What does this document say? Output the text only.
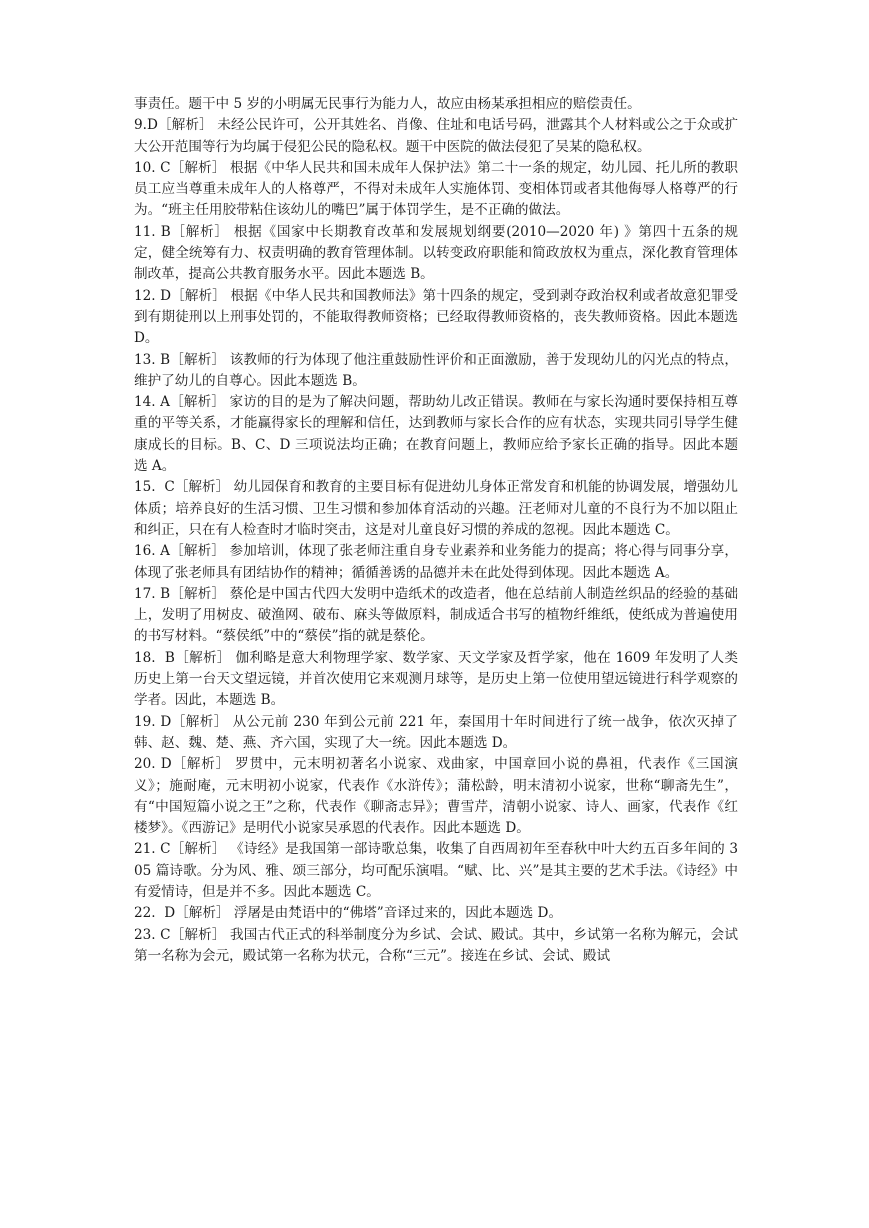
事责任。题干中 5 岁的小明属无民事行为能力人，故应由杨某承担相应的赔偿责任。

9.D［解析］ 未经公民许可，公开其姓名、肖像、住址和电话号码，泄露其个人材料或公之于众或扩大公开范围等行为均属于侵犯公民的隐私权。题干中医院的做法侵犯了吴某的隐私权。

10. C［解析］ 根据《中华人民共和国未成年人保护法》第二十一条的规定，幼儿园、托儿所的教职员工应当尊重未成年人的人格尊严，不得对未成年人实施体罚、变相体罚或者其他侮辱人格尊严的行为。“班主任用胶带粘住该幼儿的嘴巴”属于体罚学生，是不正确的做法。

11. B［解析］ 根据《国家中长期教育改革和发展规划纲要(2010—2020 年) 》第四十五条的规定，健全统筹有力、权责明确的教育管理体制。以转变政府职能和简政放权为重点，深化教育管理体制改革，提高公共教育服务水平。因此本题选 B。

12. D［解析］ 根据《中华人民共和国教师法》第十四条的规定，受到剥夺政治权利或者故意犯罪受到有期徒刑以上刑事处罚的，不能取得教师资格；已经取得教师资格的，丧失教师资格。因此本题选 D。

13. B［解析］ 该教师的行为体现了他注重鼓励性评价和正面激励，善于发现幼儿的闪光点的特点，维护了幼儿的自尊心。因此本题选 B。

14. A［解析］ 家访的目的是为了解决问题，帮助幼儿改正错误。教师在与家长沟通时要保持相互尊重的平等关系，才能赢得家长的理解和信任，达到教师与家长合作的应有状态，实现共同引导学生健康成长的目标。B、C、D 三项说法均正确；在教育问题上，教师应给予家长正确的指导。因此本题选 A。

15.  C［解析］ 幼儿园保育和教育的主要目标有促进幼儿身体正常发育和机能的协调发展，增强幼儿体质；培养良好的生活习惯、卫生习惯和参加体育活动的兴趣。汪老师对儿童的不良行为不加以阻止和纠正，只在有人检查时才临时突击，这是对儿童良好习惯的养成的忽视。因此本题选 C。

16. A［解析］ 参加培训，体现了张老师注重自身专业素养和业务能力的提高；将心得与同事分享，体现了张老师具有团结协作的精神；循循善诱的品德并未在此处得到体现。因此本题选 A。

17. B［解析］ 蔡伦是中国古代四大发明中造纸术的改造者，他在总结前人制造丝织品的经验的基础上，发明了用树皮、破渔网、破布、麻头等做原料，制成适合书写的植物纤维纸，使纸成为普遍使用的书写材料。“蔡侯纸”中的“蔡侯”指的就是蔡伦。

18.  B［解析］ 伽利略是意大利物理学家、数学家、天文学家及哲学家，他在 1609 年发明了人类历史上第一台天文望远镜，并首次使用它来观测月球等，是历史上第一位使用望远镜进行科学观察的学者。因此，本题选 B。

19. D［解析］ 从公元前 230 年到公元前 221 年，秦国用十年时间进行了统一战争，依次灭掉了韩、赵、魏、楚、燕、齐六国，实现了大一统。因此本题选 D。

20. D［解析］ 罗贯中，元末明初著名小说家、戏曲家，中国章回小说的鼻祖，代表作《三国演义》；施耐庵，元末明初小说家，代表作《水浒传》；蒲松龄，明末清初小说家，世称“聊斋先生”，有“中国短篇小说之王”之称，代表作《聊斋志异》；曹雪芹，清朝小说家、诗人、画家，代表作《红楼梦》。《西游记》是明代小说家吴承恩的代表作。因此本题选 D。

21. C［解析］ 《诗经》是我国第一部诗歌总集，收集了自西周初年至春秋中叶大约五百多年间的 305 篇诗歌。分为风、雅、颂三部分，均可配乐演唱。“赋、比、兴”是其主要的艺术手法。《诗经》中有爱情诗，但是并不多。因此本题选 C。

22.  D［解析］ 浮屠是由梵语中的“佛塔”音译过来的，因此本题选 D。

23. C［解析］ 我国古代正式的科举制度分为乡试、会试、殿试。其中，乡试第一名称为解元，会试第一名称为会元，殿试第一名称为状元，合称“三元”。接连在乡试、会试、殿试
